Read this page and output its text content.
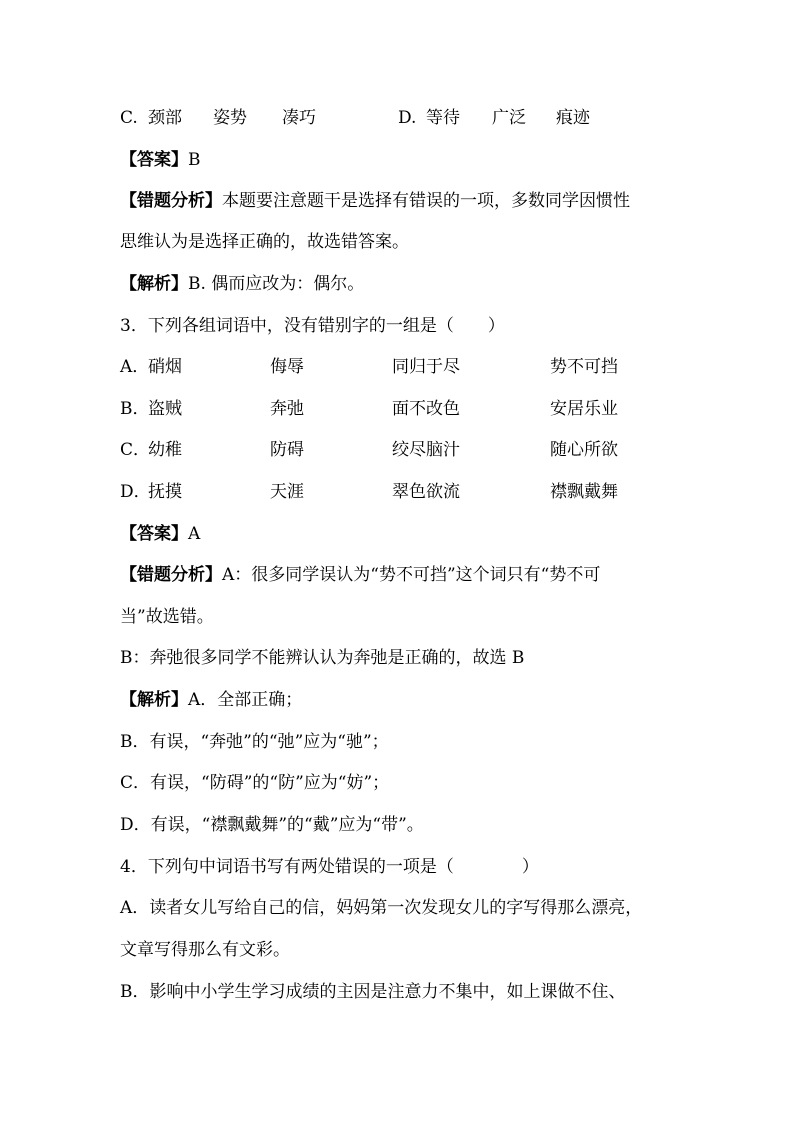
C. 颈部 姿势 凑巧	D. 等待 广泛 痕迹
【答案】B
【错题分析】本题要注意题干是选择有错误的一项，多数同学因惯性
思维认为是选择正确的，故选错答案。
【解析】B. 偶而应改为：偶尔。
3．下列各组词语中，没有错别字的一组是（　　）
A．
硝烟	侮辱	同归于尽	势不可挡
B．
盗贼	奔弛	面不改色	安居乐业
C．
幼稚	防碍	绞尽脑汁	随心所欲
D．
抚摸	天涯	翠色欲流	襟飘戴舞
【答案】A
【错题分析】A：很多同学误认为“势不可挡”这个词只有“势不可
当”故选错。
B：奔弛很多同学不能辨认认为奔弛是正确的，故选 B
【解析】A．全部正确；
B．有误，“奔弛”的“弛”应为“驰”；
C．有误，“防碍”的“防”应为“妨”；
D．有误，“襟飘戴舞”的“戴”应为“带”。
4．下列句中词语书写有两处错误的一项是（　　　　）
A．读者女儿写给自己的信，妈妈第一次发现女儿的字写得那么漂亮，
文章写得那么有文彩。
B．影响中小学生学习成绩的主因是注意力不集中，如上课做不住、
